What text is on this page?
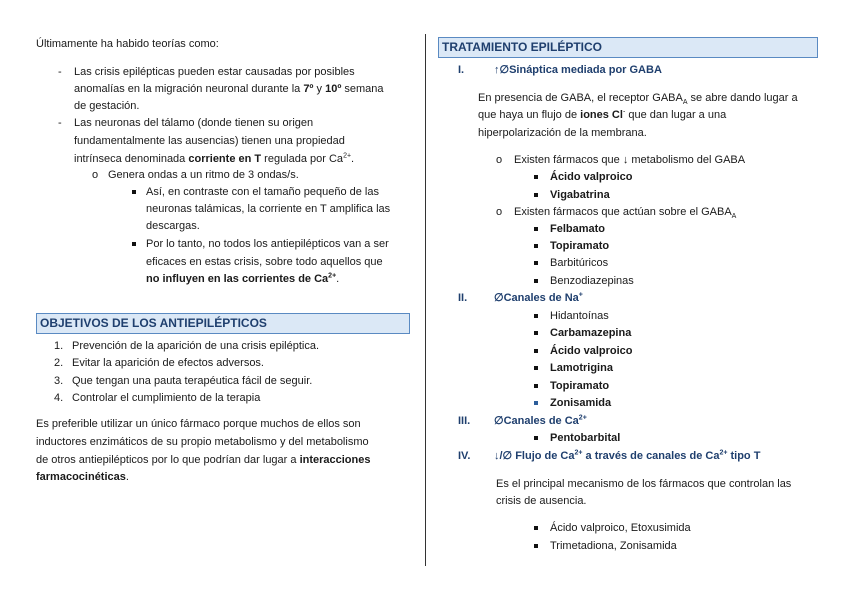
Últimamente ha habido teorías como:
- Las crisis epilépticas pueden estar causadas por posibles
anomalías en la migración neuronal durante la 7º y 10º semana
de gestación.
- Las neuronas del tálamo (donde tienen su origen
fundamentalmente las ausencias) tienen una propiedad
intrínseca denominada corriente en T regulada por $Ca^{2+}$.
o Genera ondas a un ritmo de 3 ondas/s.
Así, en contraste con el tamaño pequeño de las
neuronas talámicas, la corriente en T amplifica las
descargas.
Por lo tanto, no todos los antiepilépticos van a ser
eficaces en estas crisis, sobre todo aquellos que
no influyen en las corrientes de $Ca^{2+}$.
OBJETIVOS DE LOS ANTIEPILÉPTICOS
1. Prevención de la aparición de una crisis epiléptica.
2. Evitar la aparición de efectos adversos.
3. Que tengan una pauta terapéutica fácil de seguir.
4. Controlar el cumplimiento de la terapia
Es preferible utilizar un único fármaco porque muchos de ellos son
inductores enzimáticos de su propio metabolismo y del metabolismo
de otros antiepilépticos por lo que podrían dar lugar a interacciones
farmacocinéticas.
TRATAMIENTO EPILÉPTICO
I.	↑∅Sináptica mediada por GABA
En presencia de GABA, el receptor $GABA_A$ se abre dando lugar a
que haya un flujo de iones Cl- que dan lugar a una
hiperpolarización de la membrana.
o Existen fármacos que ↓ metabolismo del GABA
Ácido valproico
Vigabatrina
o Existen fármacos que actúan sobre el $GABA_A$
Felbamato
Topiramato
Barbitúricos
Benzodiazepinas
II. ∅Canales de Na+
Hidantoínas
Carbamazepina
Ácido valproico
Lamotrigina
Topiramato
Zonisamida
III. ∅Canales de $Ca^{2+}$
Pentobarbital
IV. ↓/∅ Flujo de $Ca^{2+}$ a través de canales de $Ca^{2+}$ tipo T
Es el principal mecanismo de los fármacos que controlan las
crisis de ausencia.
Ácido valproico, Etoxusimida
Trimetadiona, Zonisamida
